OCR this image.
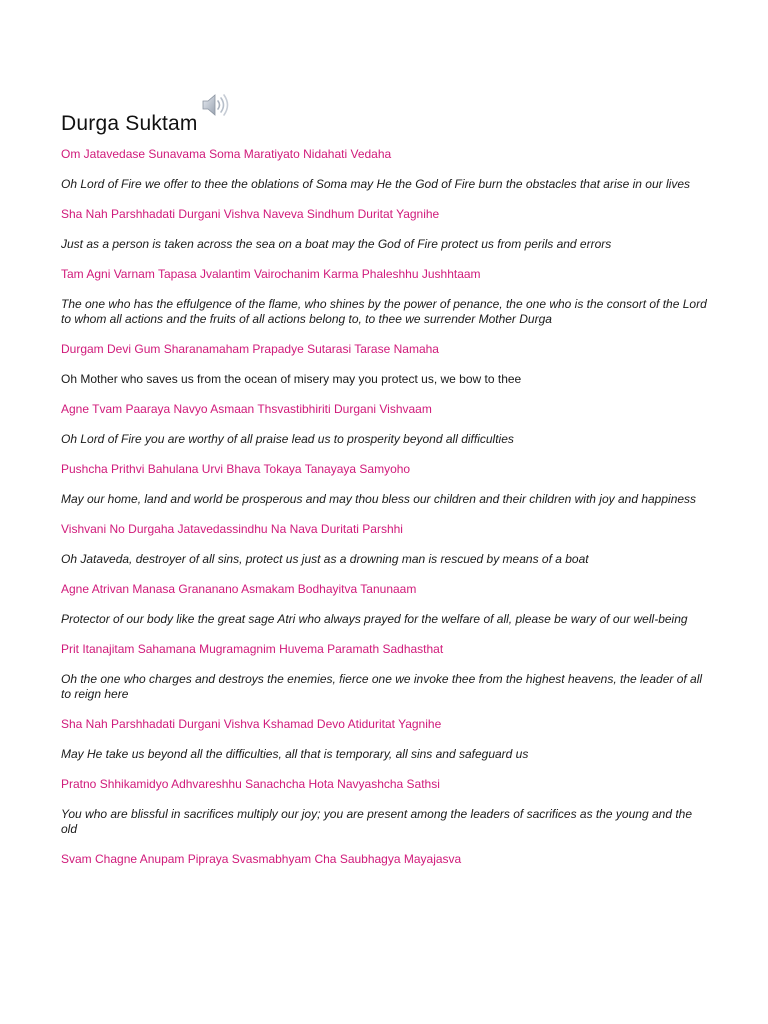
Durga Suktam

Om Jatavedase Sunavama Soma Maratiyato Nidahati Vedaha

Oh Lord of Fire we offer to thee the oblations of Soma may He the God of Fire burn the obstacles that arise in our lives

Sha Nah Parshhadati Durgani Vishva Naveva Sindhum Duritat Yagnihe

Just as a person is taken across the sea on a boat may the God of Fire protect us from perils and errors

Tam Agni Varnam Tapasa Jvalantim Vairochanim Karma Phaleshhu Jushhtaam

The one who has the effulgence of the flame, who shines by the power of penance, the one who is the consort of the Lord to whom all actions and the fruits of all actions belong to, to thee we surrender Mother Durga

Durgam Devi Gum Sharanamaham Prapadye Sutarasi Tarase Namaha

Oh Mother who saves us from the ocean of misery may you protect us, we bow to thee

Agne Tvam Paaraya Navyo Asmaan Thsvastibhiriti Durgani Vishvaam

Oh Lord of Fire you are worthy of all praise lead us to prosperity beyond all difficulties

Pushcha Prithvi Bahulana Urvi Bhava Tokaya Tanayaya Samyoho

May our home, land and world be prosperous and may thou bless our children and their children with joy and happiness

Vishvani No Durgaha Jatavedassindhu Na Nava Duritati Parshhi

Oh Jataveda, destroyer of all sins, protect us just as a drowning man is rescued by means of a boat

Agne Atrivan Manasa Grananano Asmakam Bodhayitva Tanunaam

Protector of our body like the great sage Atri who always prayed for the welfare of all, please be wary of our well-being

Prit Itanajitam Sahamana Mugramagnim Huvema Paramath Sadhasthat

Oh the one who charges and destroys the enemies, fierce one we invoke thee from the highest heavens, the leader of all to reign here

Sha Nah Parshhadati Durgani Vishva Kshamad Devo Atiduritat Yagnihe

May He take us beyond all the difficulties, all that is temporary, all sins and safeguard us

Pratno Shhikamidyo Adhvareshhu Sanachcha Hota Navyashcha Sathsi

You who are blissful in sacrifices multiply our joy; you are present among the leaders of sacrifices as the young and the old

Svam Chagne Anupam Pipraya Svasmabhyam Cha Saubhagya Mayajasva
